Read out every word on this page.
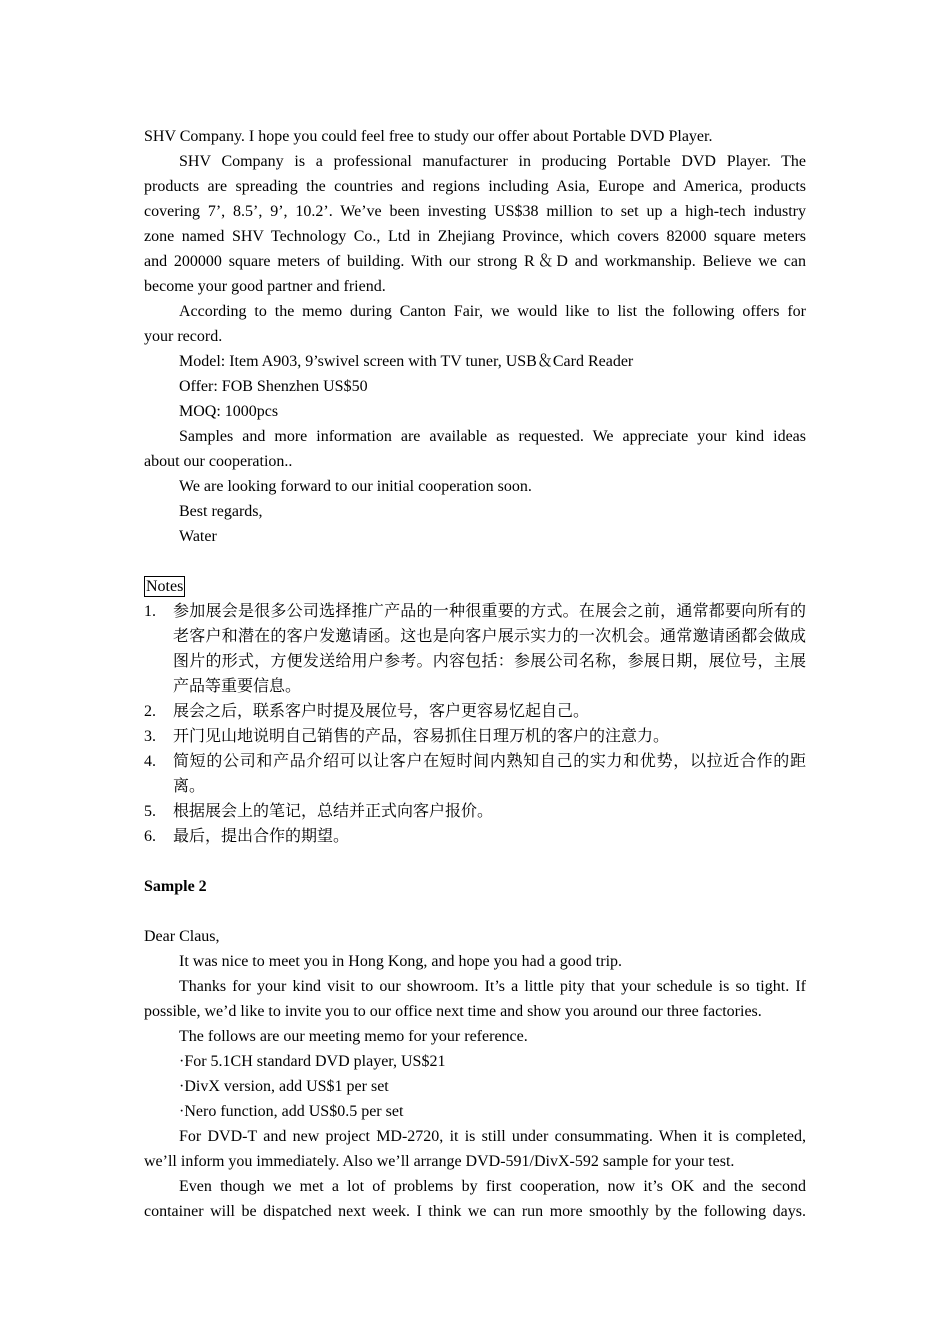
SHV Company. I hope you could feel free to study our offer about Portable DVD Player.
SHV Company is a professional manufacturer in producing Portable DVD Player. The
products are spreading the countries and regions including Asia, Europe and America, products
covering 7’, 8.5’, 9’, 10.2’. We’ve been investing US$38 million to set up a high-tech industry
zone named SHV Technology Co., Ltd in Zhejiang Province, which covers 82000 square meters
and 200000 square meters of building. With our strong R＆D and workmanship. Believe we can
become your good partner and friend.
According to the memo during Canton Fair, we would like to list the following offers for
your record.
Model: Item A903, 9’swivel screen with TV tuner, USB＆Card Reader
Offer: FOB Shenzhen US$50
MOQ: 1000pcs
Samples and more information are available as requested. We appreciate your kind ideas
about our cooperation..
We are looking forward to our initial cooperation soon.
Best regards,
Water
Notes
1. 参加展会是很多公司选择推广产品的一种很重要的方式。在展会之前，通常都要向所有的老客户和潜在的客户发邀请函。这也是向客户展示实力的一次机会。通常邀请函都会做成图片的形式，方便发送给用户参考。内容包括：参展公司名称，参展日期，展位号，主展产品等重要信息。
2. 展会之后，联系客户时提及展位号，客户更容易忆起自己。
3. 开门见山地说明自己销售的产品，容易抓住日理万机的客户的注意力。
4. 简短的公司和产品介绍可以让客户在短时间内熟知自己的实力和优势，以拉近合作的距离。
5. 根据展会上的笔记，总结并正式向客户报价。
6. 最后，提出合作的期望。
Sample 2
Dear Claus,
It was nice to meet you in Hong Kong, and hope you had a good trip.
Thanks for your kind visit to our showroom. It’s a little pity that your schedule is so tight. If
possible, we’d like to invite you to our office next time and show you around our three factories.
The follows are our meeting memo for your reference.
·For 5.1CH standard DVD player, US$21
·DivX version, add US$1 per set
·Nero function, add US$0.5 per set
For DVD-T and new project MD-2720, it is still under consummating. When it is completed,
we’ll inform you immediately. Also we’ll arrange DVD-591/DivX-592 sample for your test.
Even though we met a lot of problems by first cooperation, now it’s OK and the second
container will be dispatched next week. I think we can run more smoothly by the following days.
